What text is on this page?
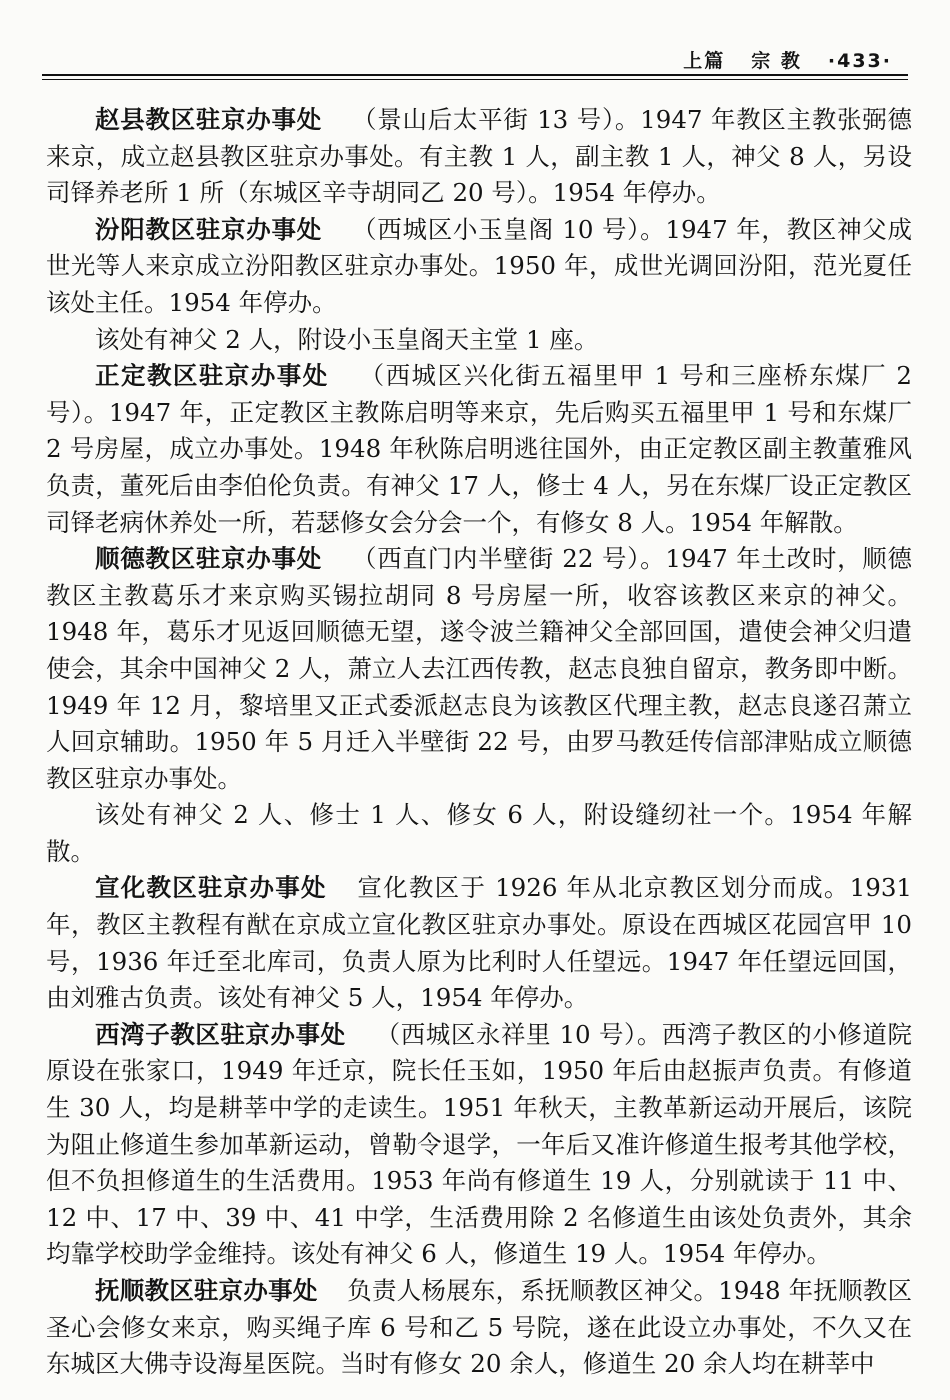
上篇 宗 教 ·433·

赵县教区驻京办事处 （景山后太平街 13 号）。1947 年教区主教张弼德来京，成立赵县教区驻京办事处。有主教 1 人，副主教 1 人，神父 8 人，另设司铎养老所 1 所（东城区辛寺胡同乙 20 号）。1954 年停办。

汾阳教区驻京办事处 （西城区小玉皇阁 10 号）。1947 年，教区神父成世光等人来京成立汾阳教区驻京办事处。1950 年，成世光调回汾阳，范光夏任该处主任。1954 年停办。

该处有神父 2 人，附设小玉皇阁天主堂 1 座。

正定教区驻京办事处 （西城区兴化街五福里甲 1 号和三座桥东煤厂 2 号）。1947 年，正定教区主教陈启明等来京，先后购买五福里甲 1 号和东煤厂 2 号房屋，成立办事处。1948 年秋陈启明逃往国外，由正定教区副主教董雅风负责，董死后由李伯伦负责。有神父 17 人，修士 4 人，另在东煤厂设正定教区司铎老病休养处一所，若瑟修女会分会一个，有修女 8 人。1954 年解散。

顺德教区驻京办事处 （西直门内半壁街 22 号）。1947 年土改时，顺德教区主教葛乐才来京购买锡拉胡同 8 号房屋一所，收容该教区来京的神父。1948 年，葛乐才见返回顺德无望，遂令波兰籍神父全部回国，遣使会神父归遣使会，其余中国神父 2 人，萧立人去江西传教，赵志良独自留京，教务即中断。1949 年 12 月，黎培里又正式委派赵志良为该教区代理主教，赵志良遂召萧立人回京辅助。1950 年 5 月迁入半壁街 22 号，由罗马教廷传信部津贴成立顺德教区驻京办事处。

该处有神父 2 人、修士 1 人、修女 6 人，附设缝纫社一个。1954 年解散。

宣化教区驻京办事处 宣化教区于 1926 年从北京教区划分而成。1931 年，教区主教程有猷在京成立宣化教区驻京办事处。原设在西城区花园宫甲 10 号，1936 年迁至北库司，负责人原为比利时人任望远。1947 年任望远回国，由刘雅古负责。该处有神父 5 人，1954 年停办。

西湾子教区驻京办事处 （西城区永祥里 10 号）。西湾子教区的小修道院原设在张家口，1949 年迁京，院长任玉如，1950 年后由赵振声负责。有修道生 30 人，均是耕莘中学的走读生。1951 年秋天，主教革新运动开展后，该院为阻止修道生参加革新运动，曾勒令退学，一年后又准许修道生报考其他学校，但不负担修道生的生活费用。1953 年尚有修道生 19 人，分别就读于 11 中、12 中、17 中、39 中、41 中学，生活费用除 2 名修道生由该处负责外，其余均靠学校助学金维持。该处有神父 6 人，修道生 19 人。1954 年停办。

抚顺教区驻京办事处 负责人杨展东，系抚顺教区神父。1948 年抚顺教区圣心会修女来京，购买绳子库 6 号和乙 5 号院，遂在此设立办事处，不久又在东城区大佛寺设海星医院。当时有修女 20 余人，修道生 20 余人均在耕莘中
